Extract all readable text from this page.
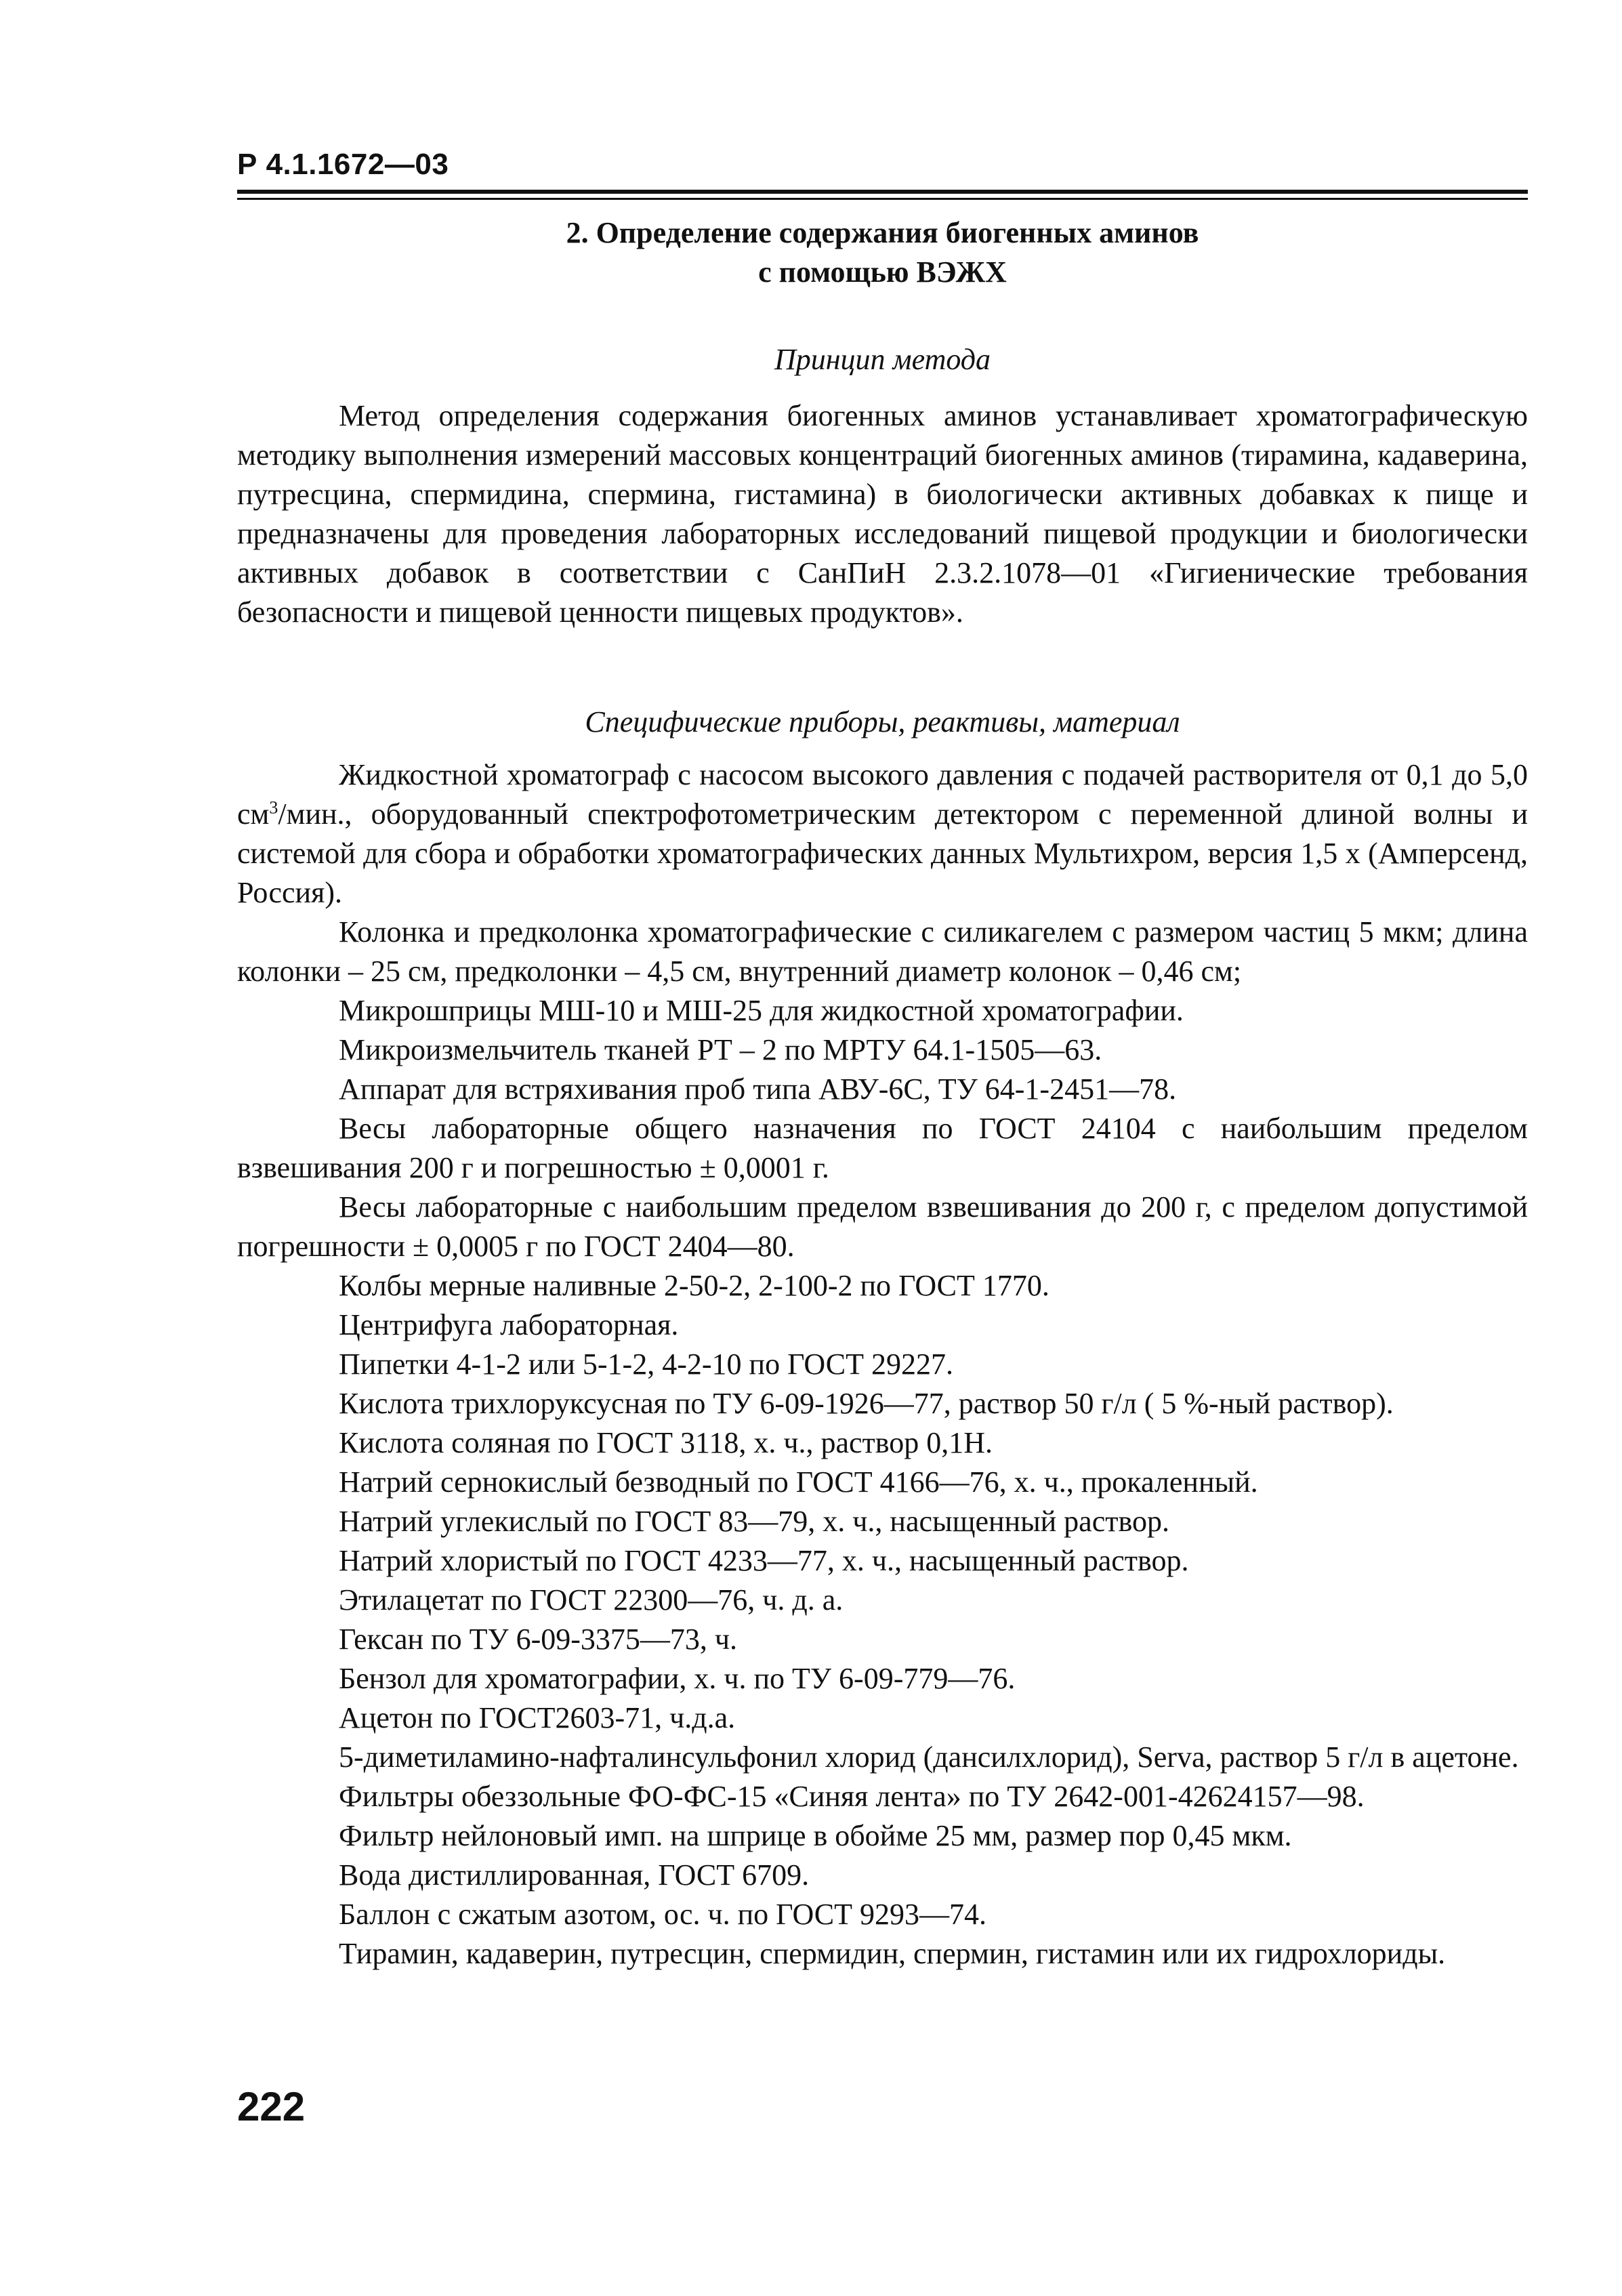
Р 4.1.1672—03
2. Определение содержания биогенных аминов
с помощью ВЭЖХ
Принцип метода

Метод определения содержания биогенных аминов устанавливает хроматографическую методику выполнения измерений массовых концентраций биогенных аминов (тирамина, кадаверина, путресцина, спермидина, спермина, гистамина) в биологически активных добавках к пище и предназначены для проведения лабораторных исследований пищевой продукции и биологически активных добавок в соответствии с СанПиН 2.3.2.1078—01 «Гигиенические требования безопасности и пищевой ценности пищевых продуктов».

Специфические приборы, реактивы, материал

Жидкостной хроматограф с насосом высокого давления с подачей растворителя от 0,1 до 5,0 $см^3$/мин., оборудованный спектрофотометрическим детектором с переменной длиной волны и системой для сбора и обработки хроматографических данных Мультихром, версия 1,5 х (Амперсенд, Россия).

Колонка и предколонка хроматографические с силикагелем с размером частиц 5 мкм; длина колонки – 25 см, предколонки – 4,5 см, внутренний диаметр колонок – 0,46 см;

Микрошприцы МШ-10 и МШ-25 для жидкостной хроматографии.

Микроизмельчитель тканей РТ – 2 по МРТУ 64.1-1505—63.

Аппарат для встряхивания проб типа АВУ-6С, ТУ 64-1-2451—78.

Весы лабораторные общего назначения по ГОСТ 24104 с наибольшим пределом взвешивания 200 г и погрешностью ± 0,0001 г.

Весы лабораторные с наибольшим пределом взвешивания до 200 г, с пределом допустимой погрешности ± 0,0005 г по ГОСТ 2404—80.

Колбы мерные наливные 2-50-2, 2-100-2 по ГОСТ 1770.

Центрифуга лабораторная.

Пипетки 4-1-2 или 5-1-2, 4-2-10 по ГОСТ 29227.

Кислота трихлоруксусная по ТУ 6-09-1926—77, раствор 50 г/л ( 5 %-ный раствор).

Кислота соляная по ГОСТ 3118, х. ч., раствор 0,1Н.

Натрий сернокислый безводный по ГОСТ 4166—76, х. ч., прокаленный.

Натрий углекислый по ГОСТ 83—79, х. ч., насыщенный раствор.

Натрий хлористый по ГОСТ 4233—77, х. ч., насыщенный раствор.

Этилацетат по ГОСТ 22300—76, ч. д. а.

Гексан по ТУ 6-09-3375—73, ч.

Бензол для хроматографии, х. ч. по ТУ 6-09-779—76.

Ацетон по ГОСТ2603-71, ч.д.а.

5-диметиламино-нафталинсульфонил хлорид (дансилхлорид), Serva, раствор 5 г/л в ацетоне.

Фильтры обеззольные ФО-ФС-15 «Синяя лента» по ТУ 2642-001-42624157—98.

Фильтр нейлоновый имп. на шприце в обойме 25 мм, размер пор 0,45 мкм.

Вода дистиллированная, ГОСТ 6709.

Баллон с сжатым азотом, ос. ч. по ГОСТ 9293—74.

Тирамин, кадаверин, путресцин, спермидин, спермин, гистамин или их гидрохлориды.

222
